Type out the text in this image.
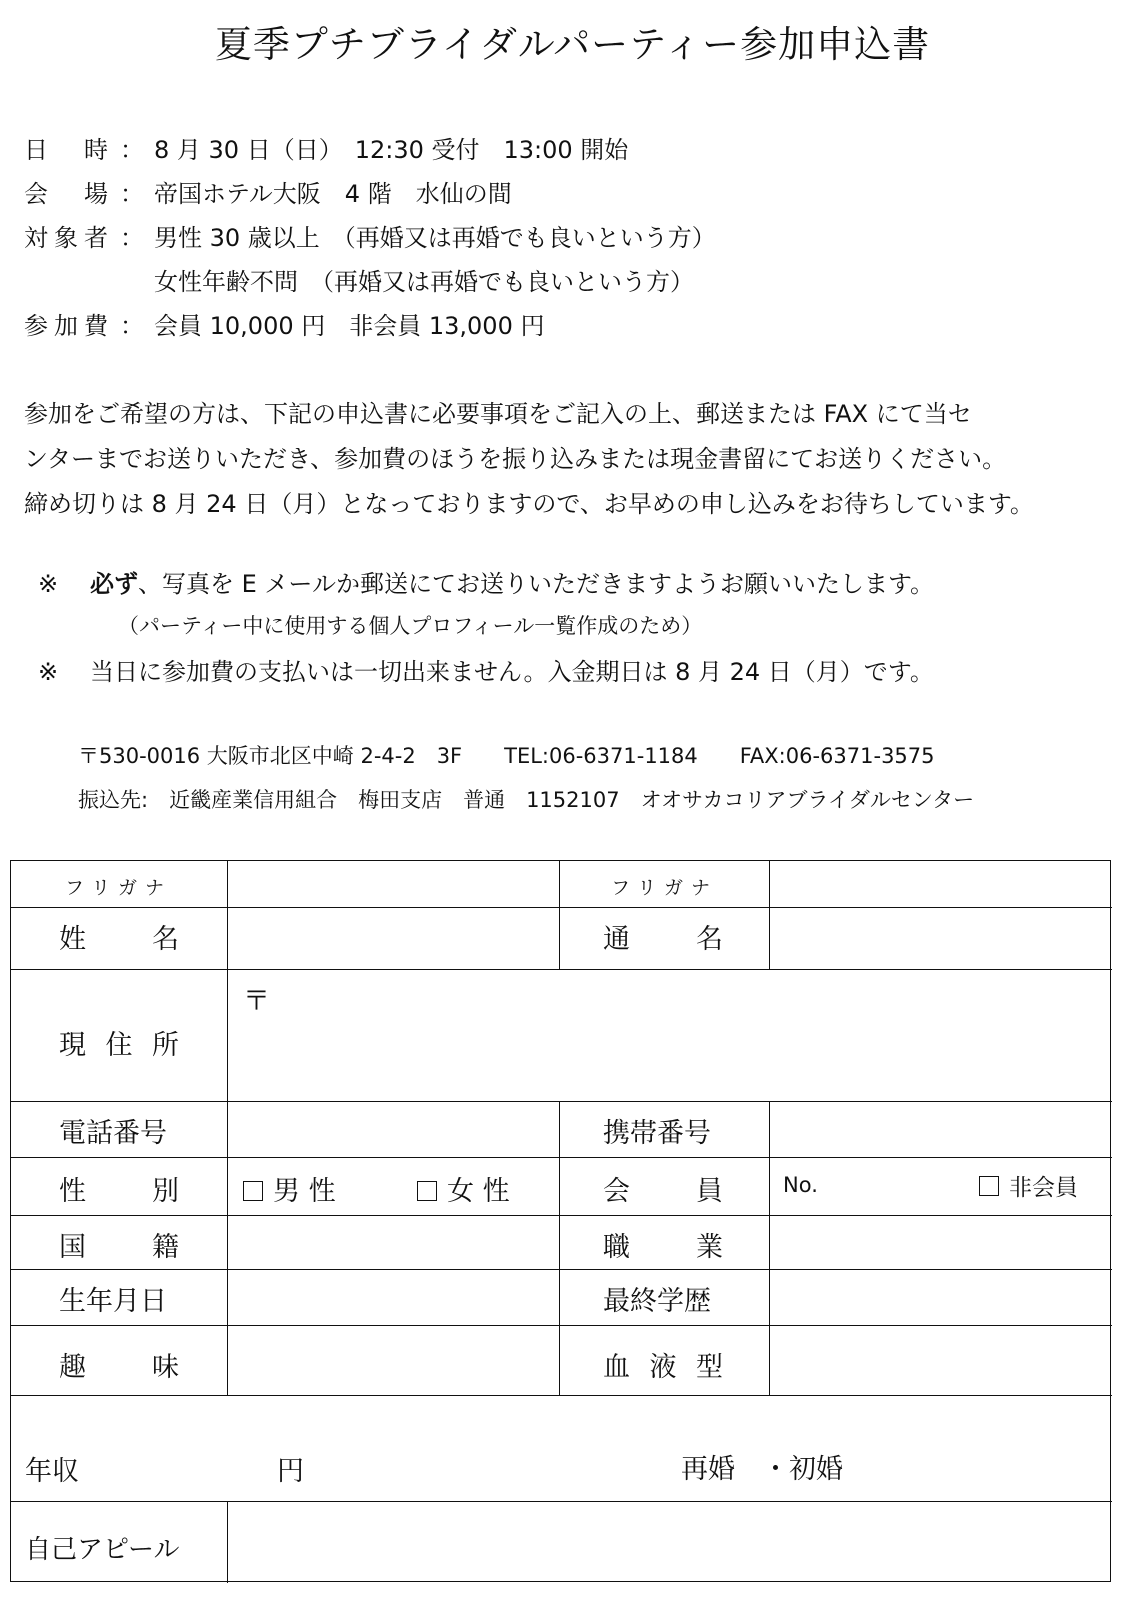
夏季プチブライダルパーティー参加申込書
日時 ： 8 月 30 日（日）　12:30 受付　13:00 開始
会場 ： 帝国ホテル大阪　4 階　水仙の間
対象者 ： 男性 30 歳以上　（再婚又は再婚でも良いという方）
女性年齢不問　（再婚又は再婚でも良いという方）
参加費 ： 会員 10,000 円　非会員 13,000 円
参加をご希望の方は、下記の申込書に必要事項をご記入の上、郵送または FAX にて当セ
ンターまでお送りいただき、参加費のほうを振り込みまたは現金書留にてお送りください。
締め切りは 8 月 24 日（月）となっておりますので、お早めの申し込みをお待ちしています。
※ 必ず、写真を E メールか郵送にてお送りいただきますようお願いいたします。
（パーティー中に使用する個人プロフィール一覧作成のため）
※ 当日に参加費の支払いは一切出来ません。入金期日は 8 月 24 日（月）です。
〒530-0016 大阪市北区中崎 2-4-2　3F　　TEL:06-6371-1184　　FAX:06-6371-3575
振込先:　近畿産業信用組合　梅田支店　普通　1152107　オオサカコリアブライダルセンター
フリガナ	フリガナ
姓名	通名
現住所
〒
電話番号	携帯番号
性別	男 性	女 性	会員	No.	非会員
国籍	職業
生年月日	最終学歴
趣味	血液型
年収	円	再婚　・初婚
自己アピール
